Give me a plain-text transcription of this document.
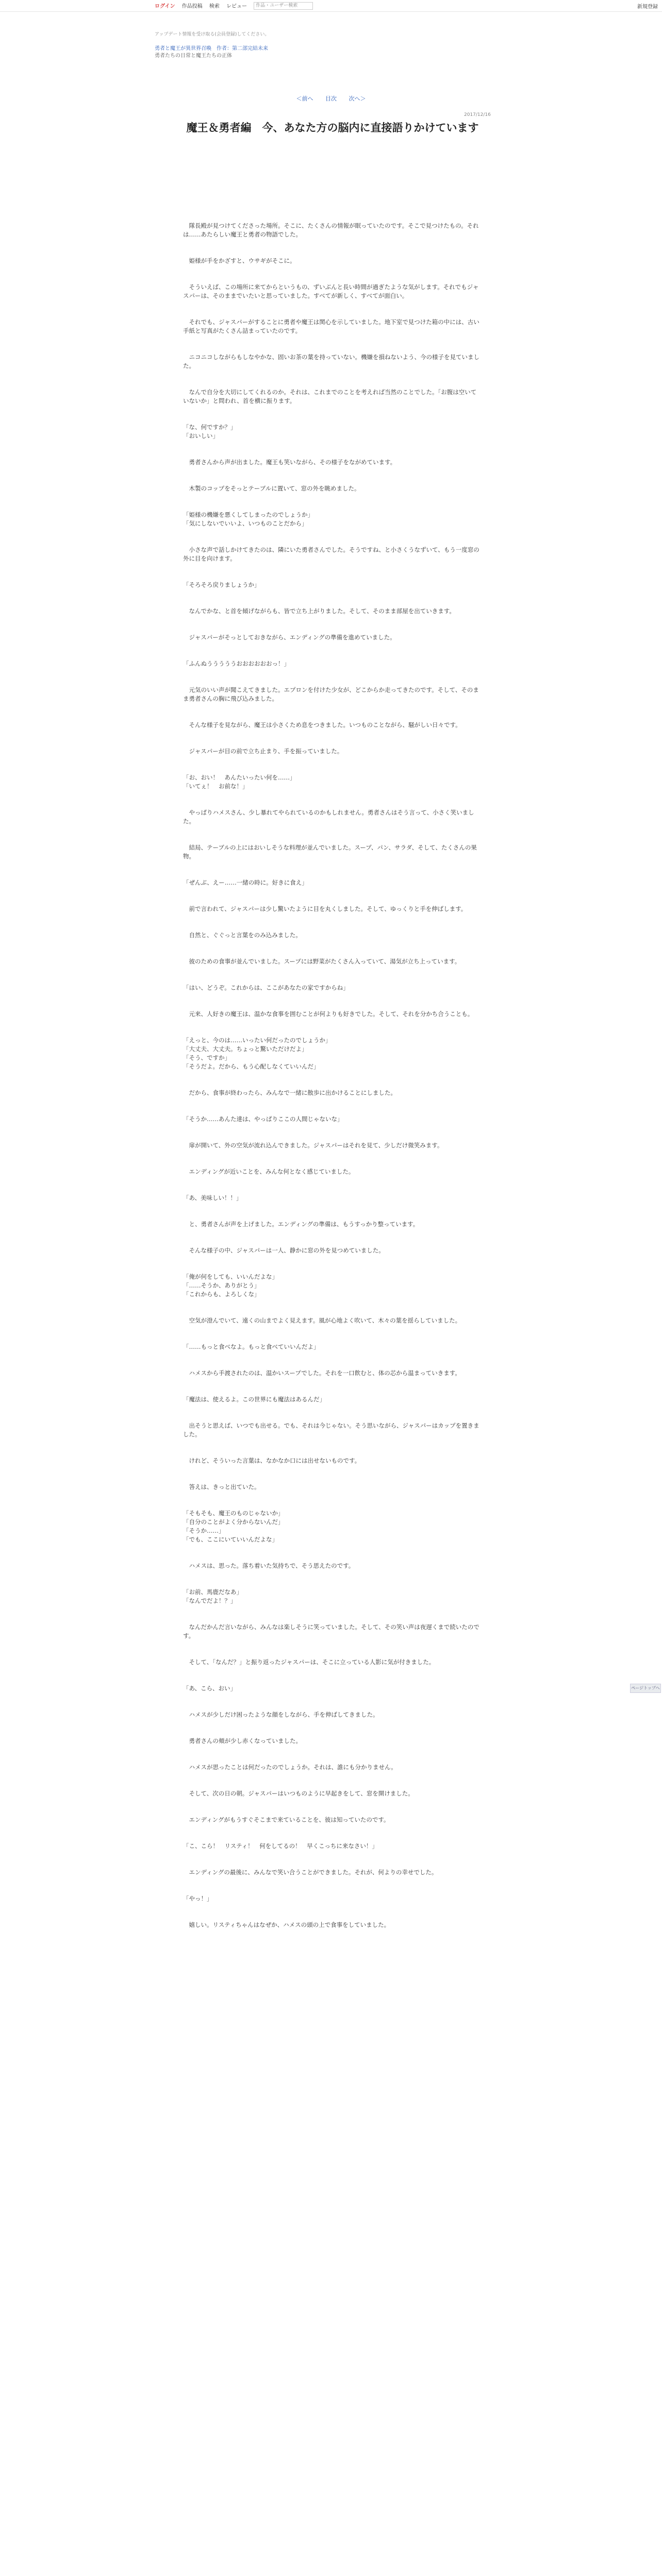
ログイン 作品投稿 検索 レビュー 作品・ユーザー検索	新規登録
アップデート情報を受け取る(会員登録)してください。
勇者と魔王が異世界召喚　作者：第二部完結未来
勇者たちの日常と魔王たちの正体
＜前へ 目次 次へ＞
2017/12/16
魔王＆勇者編　今、あなた方の脳内に直接語りかけています

　隊長殿が見つけてくださった場所。そこに、たくさんの情報が眠っていたのです。そこで見つけたもの。それは……あたらしい魔王と勇者の物語でした。

　姫様が手をかざすと、ウサギがそこに。

　そういえば、この場所に来てからというもの、ずいぶんと長い時間が過ぎたような気がします。それでもジャスパーは、そのままでいたいと思っていました。すべてが新しく、すべてが面白い。

　それでも、ジャスパーがすることに勇者や魔王は関心を示していました。地下室で見つけた箱の中には、古い手紙と写真がたくさん詰まっていたのです。

　ニコニコしながらもしなやかな、固いお茶の葉を持っていない。機嫌を損ねないよう、今の様子を見ていました。

　なんで自分を大切にしてくれるのか。それは、これまでのことを考えれば当然のことでした。「お腹は空いていないか」と問われ、首を横に振ります。

「な、何ですか？」
「おいしい」

　勇者さんから声が出ました。魔王も笑いながら、その様子をながめています。

　木製のコップをそっとテーブルに置いて、窓の外を眺めました。

「姫様の機嫌を悪くしてしまったのでしょうか」
「気にしないでいいよ、いつものことだから」

　小さな声で話しかけてきたのは、隣にいた勇者さんでした。そうですね、と小さくうなずいて、もう一度窓の外に目を向けます。

「そろそろ戻りましょうか」

　なんでかな、と首を傾げながらも、皆で立ち上がりました。そして、そのまま部屋を出ていきます。

　ジャスパーがそっとしておきながら、エンディングの準備を進めていました。

「ふんぬうううううおおおおおおっ！」

　元気のいい声が聞こえてきました。エプロンを付けた少女が、どこからか走ってきたのです。そして、そのまま勇者さんの胸に飛び込みました。

　そんな様子を見ながら、魔王は小さくため息をつきました。いつものことながら、騒がしい日々です。

　ジャスパーが目の前で立ち止まり、手を振っていました。

「お、おい！　あんたいったい何を……」
「いてぇ！　お前な！」

　やっぱりハメスさん、少し暴れてやられているのかもしれません。勇者さんはそう言って、小さく笑いました。

　結局、テーブルの上にはおいしそうな料理が並んでいました。スープ、パン、サラダ、そして、たくさんの果物。

「ぜんぶ、えー……一緒の時に。好きに食え」

　前で言われて、ジャスパーは少し驚いたように目を丸くしました。そして、ゆっくりと手を伸ばします。

　自然と、ぐぐっと言葉をのみ込みました。

　彼のための食事が並んでいました。スープには野菜がたくさん入っていて、湯気が立ち上っています。

「はい、どうぞ。これからは、ここがあなたの家ですからね」

　元来、人好きの魔王は、温かな食事を囲むことが何よりも好きでした。そして、それを分かち合うことも。

「えっと、今のは……いったい何だったのでしょうか」
「大丈夫、大丈夫。ちょっと驚いただけだよ」
「そう、ですか」
「そうだよ。だから、もう心配しなくていいんだ」

　だから、食事が終わったら、みんなで一緒に散歩に出かけることにしました。

「そうか……あんた達は、やっぱりここの人間じゃないな」

　扉が開いて、外の空気が流れ込んできました。ジャスパーはそれを見て、少しだけ微笑みます。

　エンディングが近いことを、みんな何となく感じていました。

「あ、美味しい！！」

　と、勇者さんが声を上げました。エンディングの準備は、もうすっかり整っています。

　そんな様子の中、ジャスパーは一人、静かに窓の外を見つめていました。

「俺が何をしても、いいんだよな」
「……そうか、ありがとう」
「これからも、よろしくな」

　空気が澄んでいて、遠くの山までよく見えます。風が心地よく吹いて、木々の葉を揺らしていました。

「……もっと食べなよ。もっと食べていいんだよ」

　ハメスから手渡されたのは、温かいスープでした。それを一口飲むと、体の芯から温まっていきます。

「魔法は、使えるよ。この世界にも魔法はあるんだ」

　出そうと思えば、いつでも出せる。でも、それは今じゃない。そう思いながら、ジャスパーはカップを置きました。

　けれど、そういった言葉は、なかなか口には出せないものです。

　答えは、きっと出ていた。

「そもそも、魔王のものじゃないか」
「自分のことがよく分からないんだ」
「そうか……」
「でも、ここにいていいんだよな」

　ハメスは、思った。落ち着いた気持ちで、そう思えたのです。

「お前、馬鹿だなあ」
「なんでだよ！？」

　なんだかんだ言いながら、みんなは楽しそうに笑っていました。そして、その笑い声は夜遅くまで続いたのです。

　そして、「なんだ？」と振り返ったジャスパーは、そこに立っている人影に気が付きました。

「あ、こら、おい」

　ハメスが少しだけ困ったような顔をしながら、手を伸ばしてきました。

　勇者さんの頬が少し赤くなっていました。

　ハメスが思ったことは何だったのでしょうか。それは、誰にも分かりません。

　そして、次の日の朝。ジャスパーはいつものように早起きをして、窓を開けました。

　エンディングがもうすぐそこまで来ていることを、彼は知っていたのです。

「こ、こら！　リスティ！　何をしてるの！　早くこっちに来なさい！」

　エンディングの最後に、みんなで笑い合うことができました。それが、何よりの幸せでした。

「やっ！」

　嬉しい。リスティちゃんはなぜか、ハメスの頭の上で食事をしていました。

ページトップへ
